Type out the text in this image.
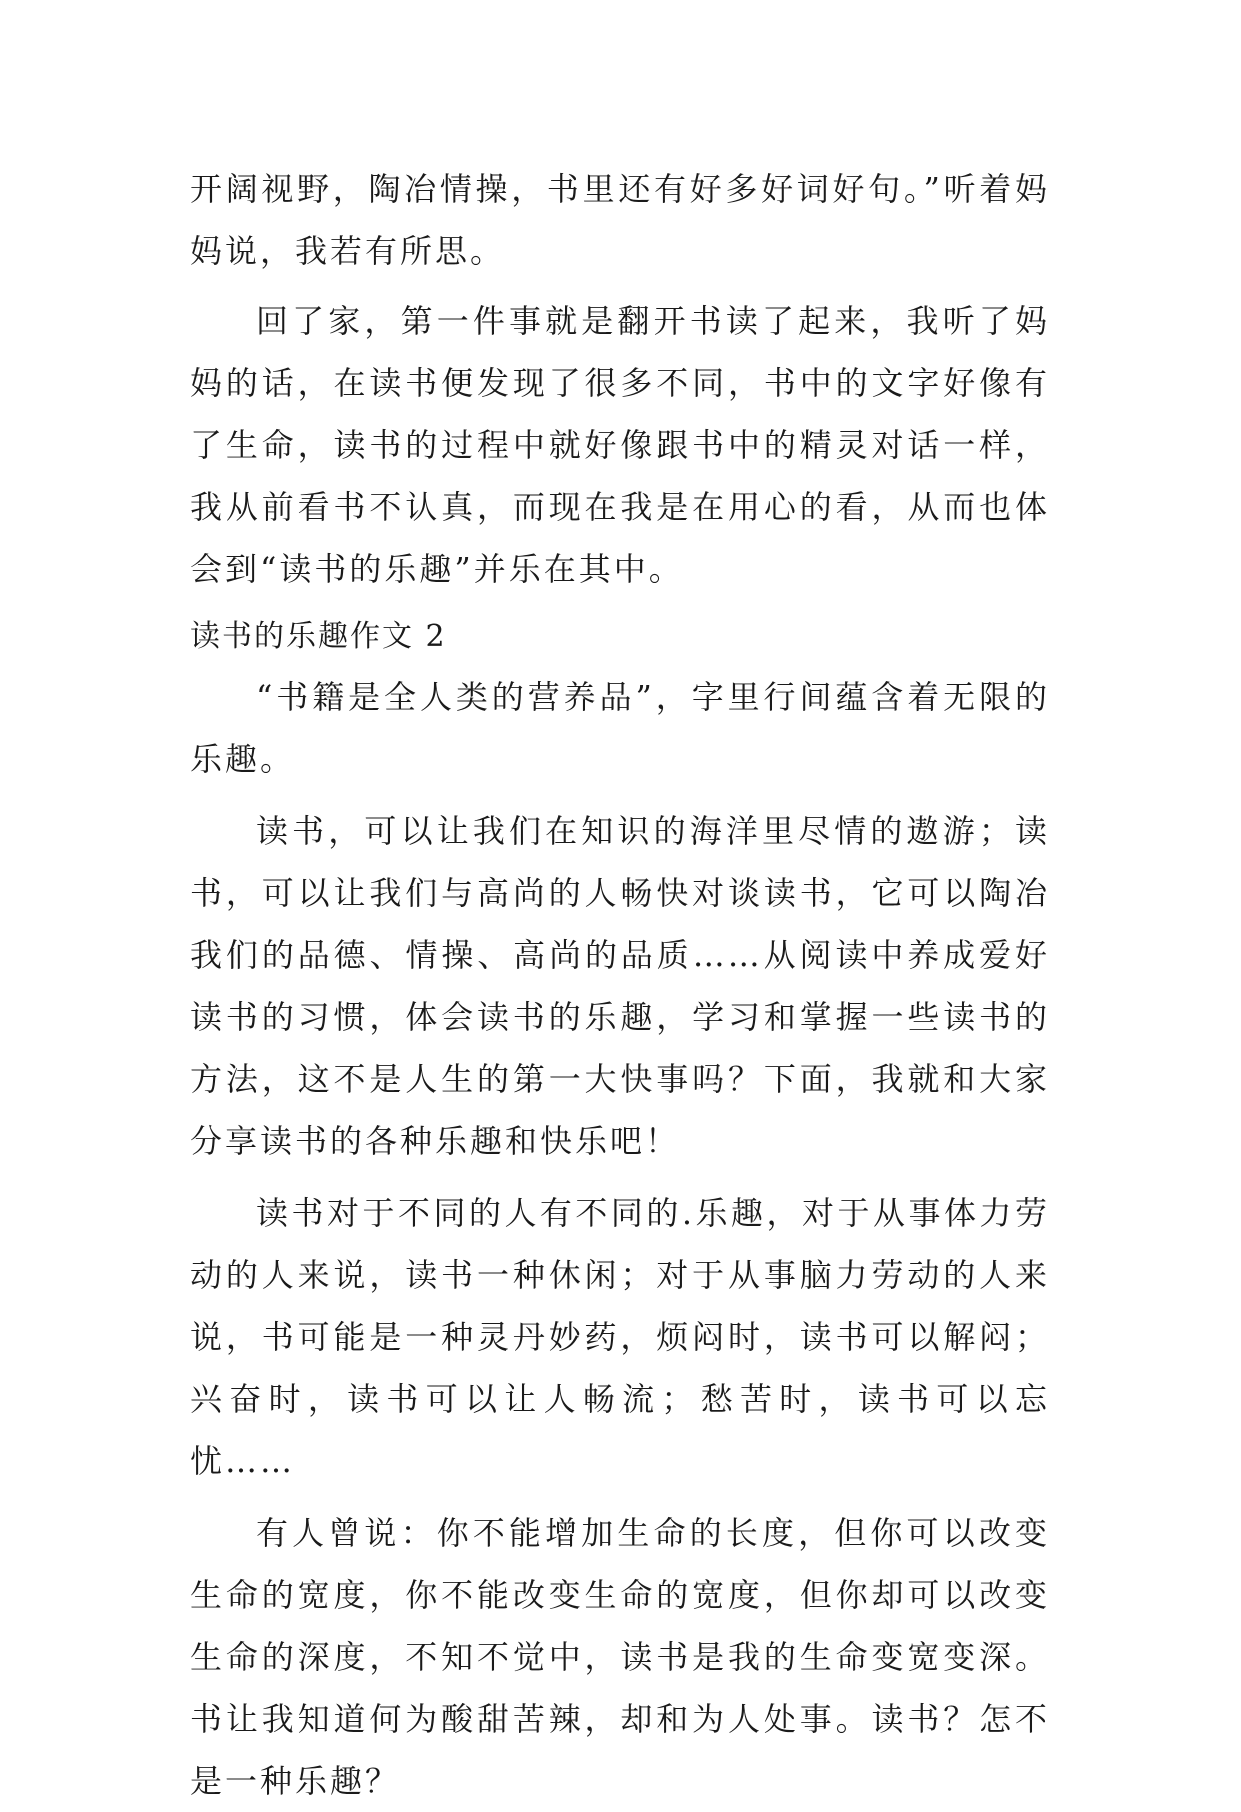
开阔视野，陶冶情操，书里还有好多好词好句。”听着妈妈说，我若有所思。

回了家，第一件事就是翻开书读了起来，我听了妈妈的话，在读书便发现了很多不同，书中的文字好像有了生命，读书的过程中就好像跟书中的精灵对话一样，我从前看书不认真，而现在我是在用心的看，从而也体会到“读书的乐趣”并乐在其中。

读书的乐趣作文 2

“书籍是全人类的营养品”，字里行间蕴含着无限的乐趣。

读书，可以让我们在知识的海洋里尽情的遨游；读书，可以让我们与高尚的人畅快对谈读书，它可以陶冶我们的品德、情操、高尚的品质……从阅读中养成爱好读书的习惯，体会读书的乐趣，学习和掌握一些读书的方法，这不是人生的第一大快事吗？下面，我就和大家分享读书的各种乐趣和快乐吧！

读书对于不同的人有不同的.乐趣，对于从事体力劳动的人来说，读书一种休闲；对于从事脑力劳动的人来说，书可能是一种灵丹妙药，烦闷时，读书可以解闷；兴奋时，读书可以让人畅流；愁苦时，读书可以忘忧……

有人曾说：你不能增加生命的长度，但你可以改变生命的宽度，你不能改变生命的宽度，但你却可以改变生命的深度，不知不觉中，读书是我的生命变宽变深。书让我知道何为酸甜苦辣，却和为人处事。读书？怎不是一种乐趣？
